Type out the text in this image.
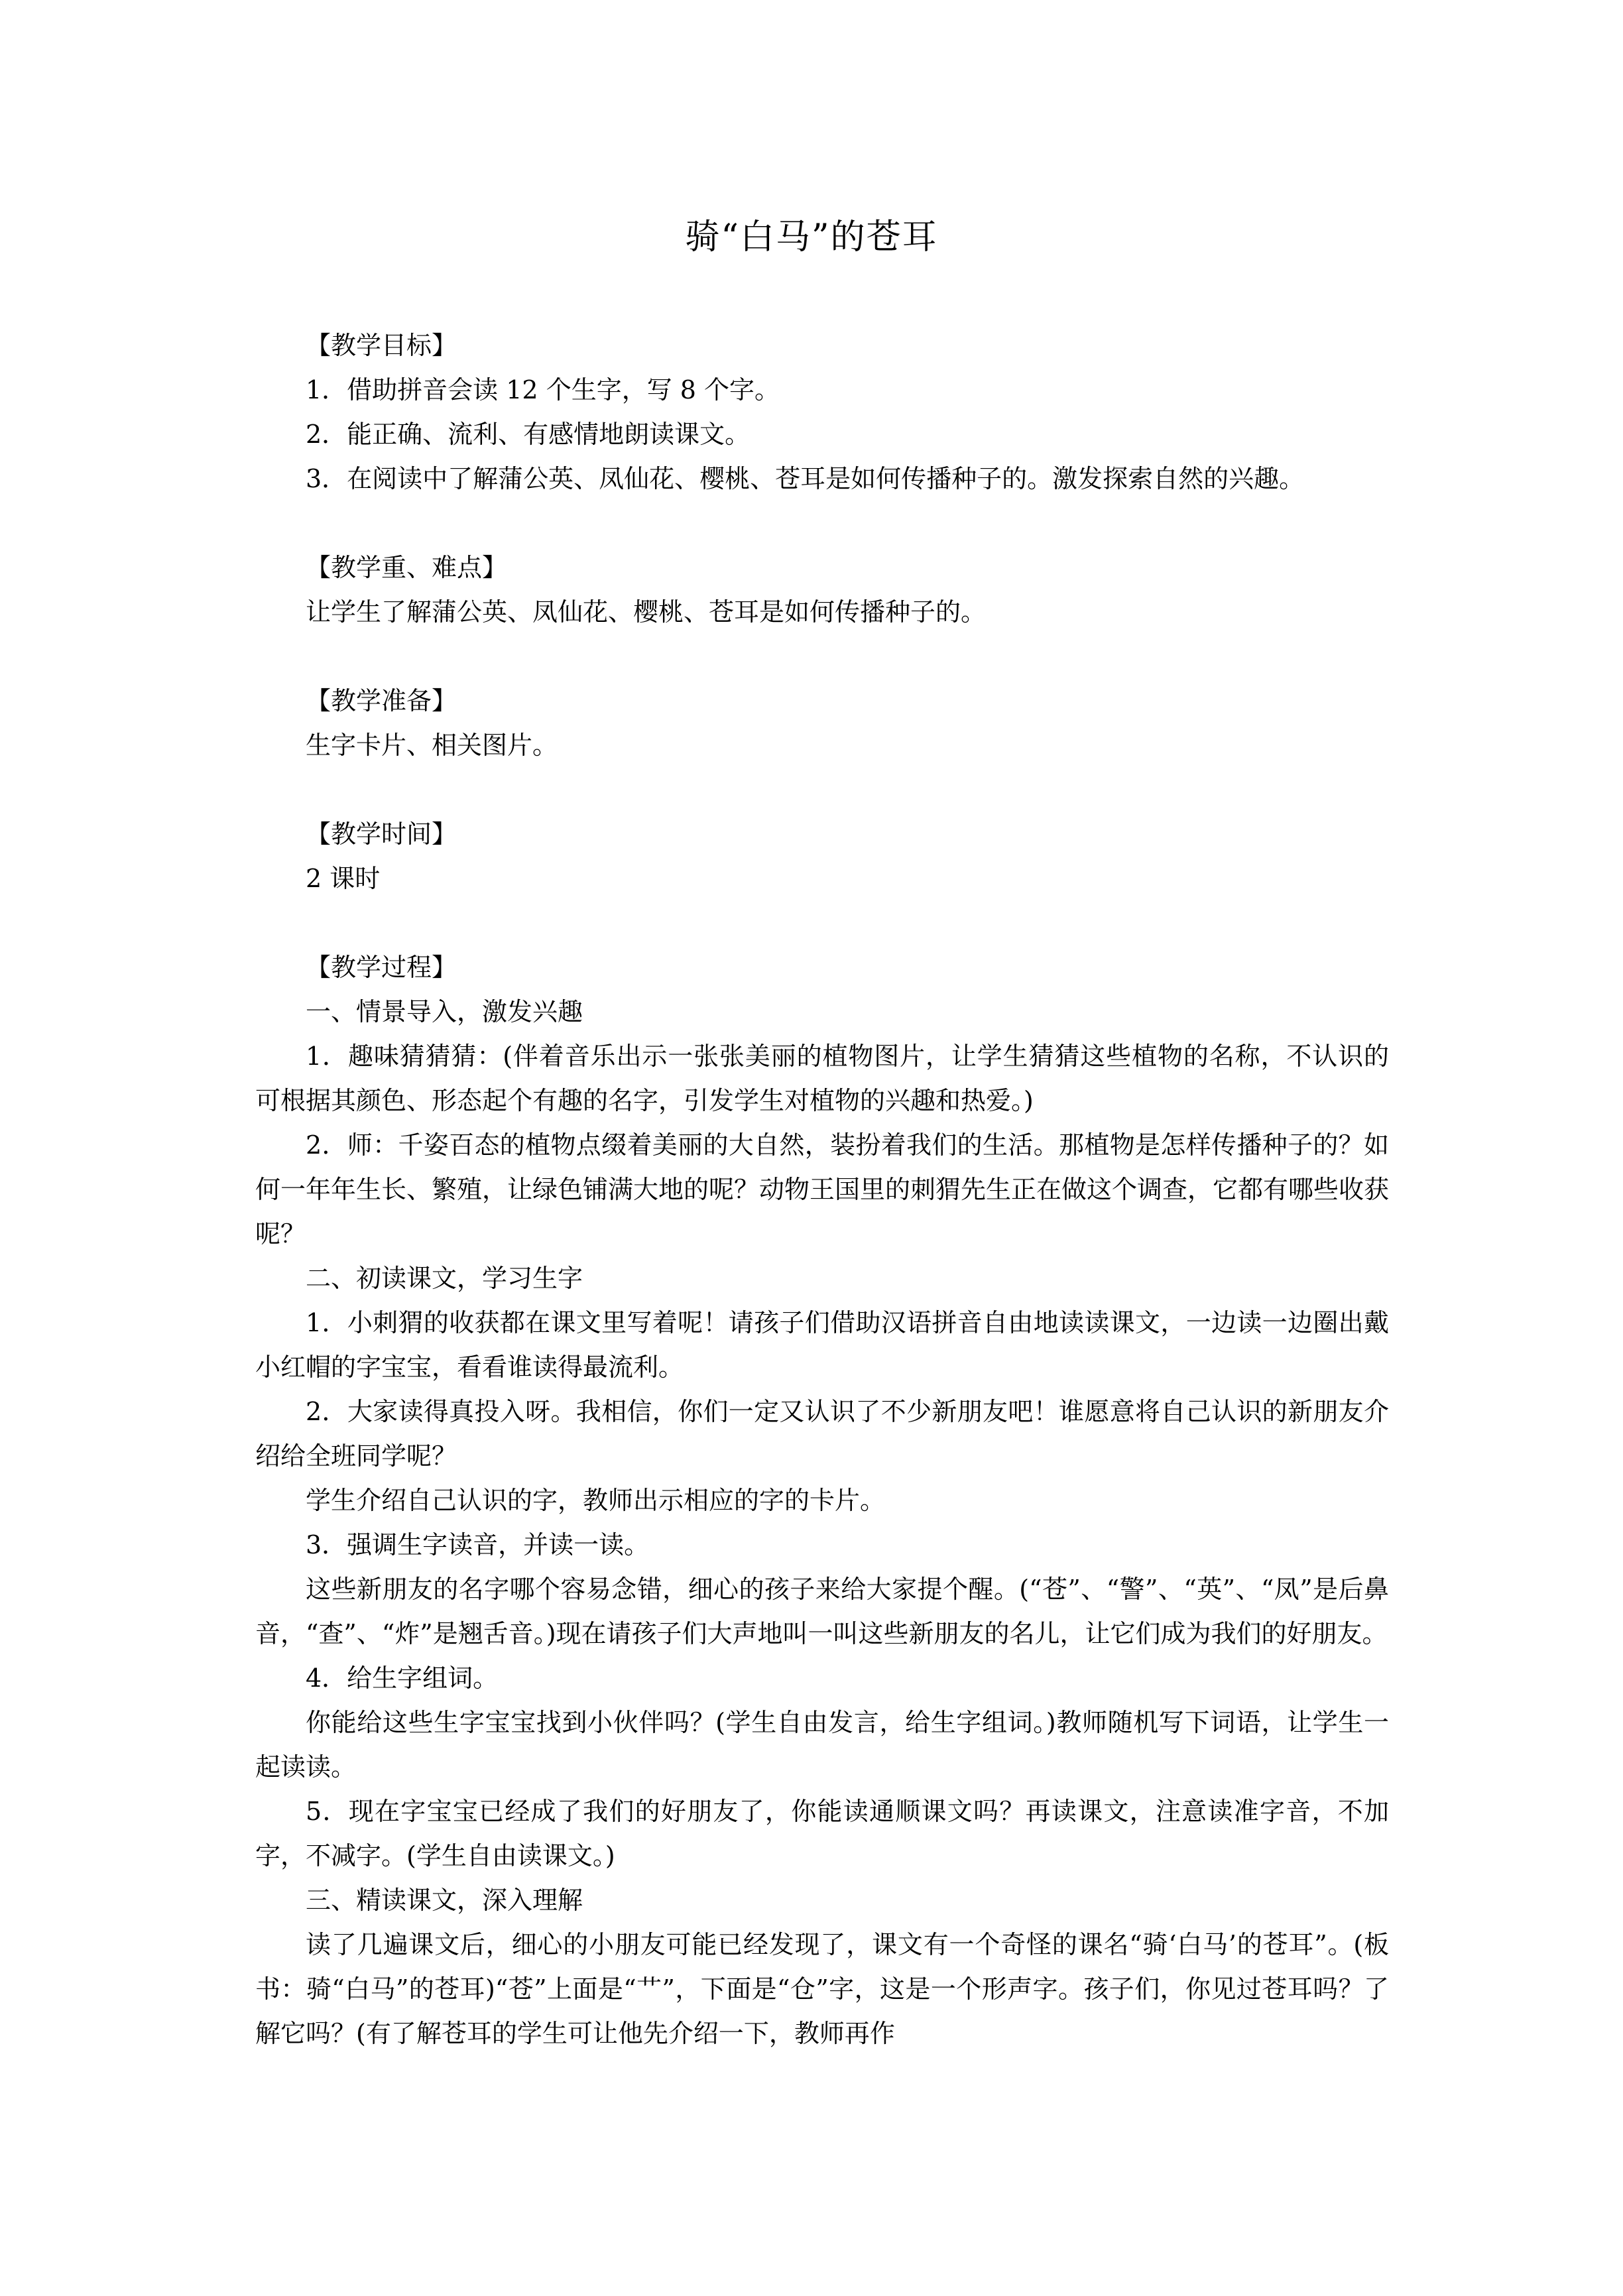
骑“白马”的苍耳

【教学目标】

1．借助拼音会读 12 个生字，写 8 个字。

2．能正确、流利、有感情地朗读课文。

3．在阅读中了解蒲公英、凤仙花、樱桃、苍耳是如何传播种子的。激发探索自然的兴趣。

【教学重、难点】

让学生了解蒲公英、凤仙花、樱桃、苍耳是如何传播种子的。

【教学准备】

生字卡片、相关图片。

【教学时间】

2 课时

【教学过程】

一、情景导入，激发兴趣

1．趣味猜猜猜：(伴着音乐出示一张张美丽的植物图片，让学生猜猜这些植物的名称，不认识的可根据其颜色、形态起个有趣的名字，引发学生对植物的兴趣和热爱。)

2．师：千姿百态的植物点缀着美丽的大自然，装扮着我们的生活。那植物是怎样传播种子的？如何一年年生长、繁殖，让绿色铺满大地的呢？动物王国里的刺猬先生正在做这个调查，它都有哪些收获呢？

二、初读课文，学习生字

1．小刺猬的收获都在课文里写着呢！请孩子们借助汉语拼音自由地读读课文，一边读一边圈出戴小红帽的字宝宝，看看谁读得最流利。

2．大家读得真投入呀。我相信，你们一定又认识了不少新朋友吧！谁愿意将自己认识的新朋友介绍给全班同学呢？

学生介绍自己认识的字，教师出示相应的字的卡片。

3．强调生字读音，并读一读。

这些新朋友的名字哪个容易念错，细心的孩子来给大家提个醒。(“苍”、“警”、“英”、“凤”是后鼻音，“查”、“炸”是翘舌音。)现在请孩子们大声地叫一叫这些新朋友的名儿，让它们成为我们的好朋友。

4．给生字组词。

你能给这些生字宝宝找到小伙伴吗？(学生自由发言，给生字组词。)教师随机写下词语，让学生一起读读。

5．现在字宝宝已经成了我们的好朋友了，你能读通顺课文吗？再读课文，注意读准字音，不加字，不减字。(学生自由读课文。)

三、精读课文，深入理解

读了几遍课文后，细心的小朋友可能已经发现了，课文有一个奇怪的课名“骑‘白马’的苍耳”。(板书：骑“白马”的苍耳)“苍”上面是“艹”，下面是“仓”字，这是一个形声字。孩子们，你见过苍耳吗？了解它吗？(有了解苍耳的学生可让他先介绍一下，教师再作
